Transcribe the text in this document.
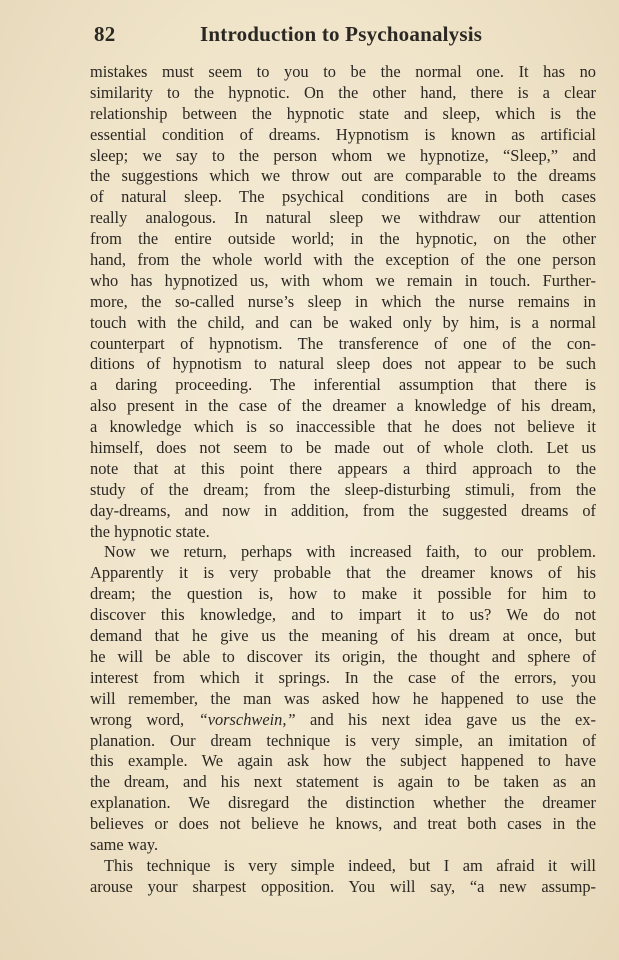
82	Introduction to Psychoanalysis
mistakes must seem to you to be the normal one. It has no
similarity to the hypnotic. On the other hand, there is a clear
relationship between the hypnotic state and sleep, which is the
essential condition of dreams. Hypnotism is known as artificial
sleep; we say to the person whom we hypnotize, “Sleep,” and
the suggestions which we throw out are comparable to the dreams
of natural sleep. The psychical conditions are in both cases
really analogous. In natural sleep we withdraw our attention
from the entire outside world; in the hypnotic, on the other
hand, from the whole world with the exception of the one person
who has hypnotized us, with whom we remain in touch. Further-
more, the so-called nurse’s sleep in which the nurse remains in
touch with the child, and can be waked only by him, is a normal
counterpart of hypnotism. The transference of one of the con-
ditions of hypnotism to natural sleep does not appear to be such
a daring proceeding. The inferential assumption that there is
also present in the case of the dreamer a knowledge of his dream,
a knowledge which is so inaccessible that he does not believe it
himself, does not seem to be made out of whole cloth. Let us
note that at this point there appears a third approach to the
study of the dream; from the sleep-disturbing stimuli, from the
day-dreams, and now in addition, from the suggested dreams of
the hypnotic state.
Now we return, perhaps with increased faith, to our problem.
Apparently it is very probable that the dreamer knows of his
dream; the question is, how to make it possible for him to
discover this knowledge, and to impart it to us? We do not
demand that he give us the meaning of his dream at once, but
he will be able to discover its origin, the thought and sphere of
interest from which it springs. In the case of the errors, you
will remember, the man was asked how he happened to use the
wrong word, “vorschwein,” and his next idea gave us the ex-
planation. Our dream technique is very simple, an imitation of
this example. We again ask how the subject happened to have
the dream, and his next statement is again to be taken as an
explanation. We disregard the distinction whether the dreamer
believes or does not believe he knows, and treat both cases in the
same way.
This technique is very simple indeed, but I am afraid it will
arouse your sharpest opposition. You will say, “a new assump-
